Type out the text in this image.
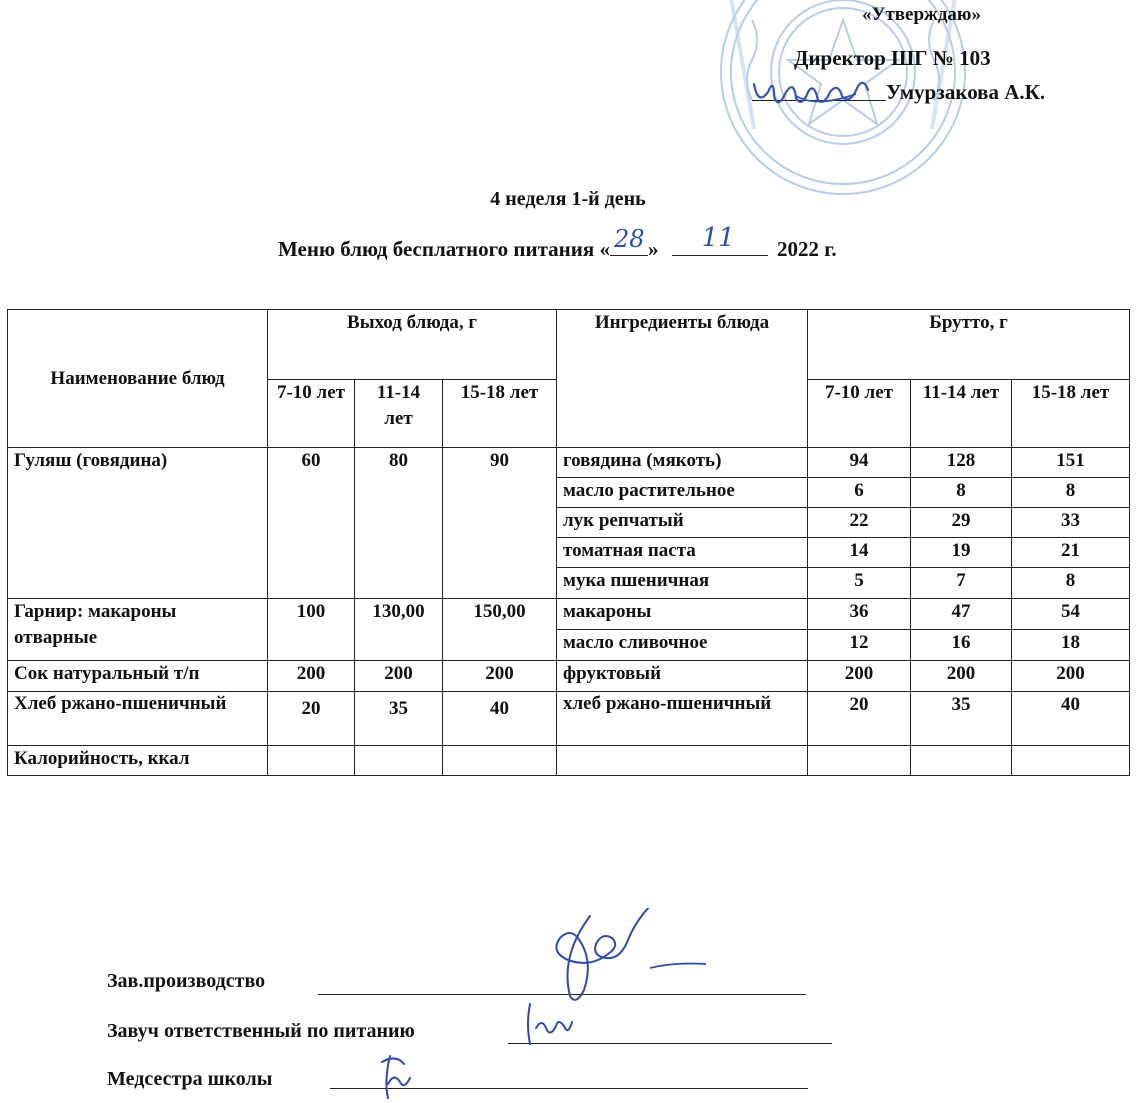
«Утверждаю»
Директор ШГ № 103
Умурзакова А.К.
4 неделя 1-й день
Меню блюд бесплатного питания « 28 » 11 2022 г.
Наименование блюд	Выход блюда, г			Ингредиенты блюда	Брутто, г		
	7-10 лет	11-14 лет	15-18 лет		7-10 лет	11-14 лет	15-18 лет
Гуляш (говядина)	60	80	90	говядина (мякоть)	94	128	151
				масло растительное	6	8	8
				лук репчатый	22	29	33
				томатная паста	14	19	21
				мука пшеничная	5	7	8
Гарнир: макароны отварные	100	130,00	150,00	макароны	36	47	54
				масло сливочное	12	16	18
Сок натуральный т/п	200	200	200	фруктовый	200	200	200
Хлеб ржано-пшеничный	20	35	40	хлеб ржано-пшеничный	20	35	40
Калорийность, ккал							
Зав.производство
Завуч ответственный по питанию
Медсестра школы
